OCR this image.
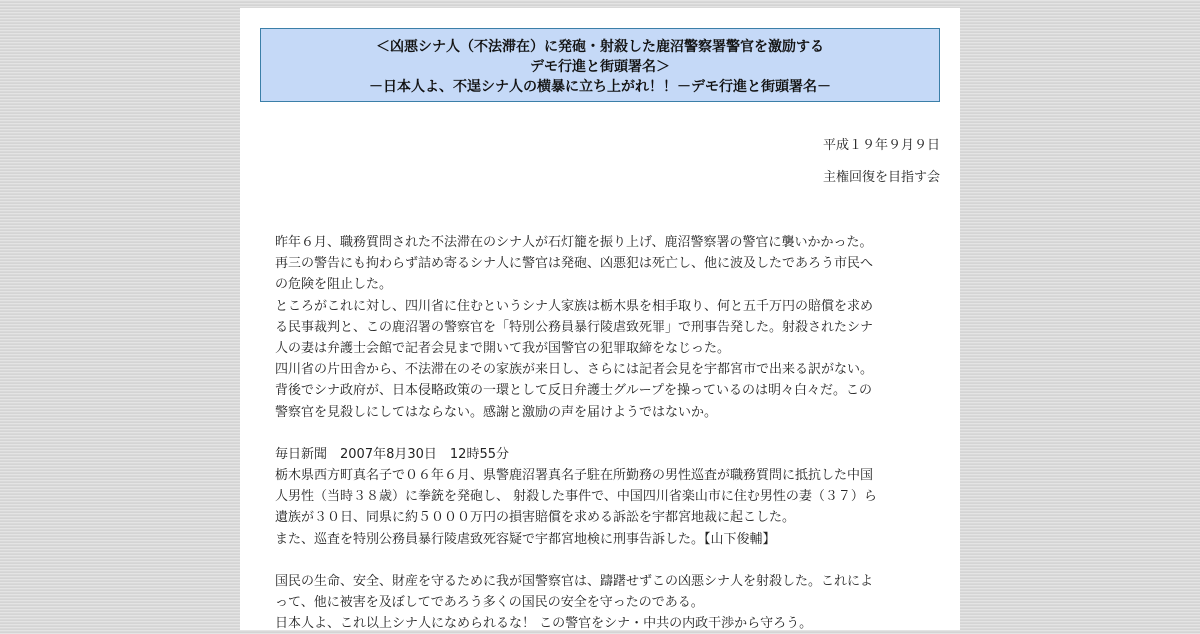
＜凶悪シナ人（不法滞在）に発砲・射殺した鹿沼警察署警官を激励する
デモ行進と街頭署名＞
－日本人よ、不逞シナ人の横暴に立ち上がれ！！－デモ行進と街頭署名－
平成１９年９月９日
主権回復を目指す会

昨年６月、職務質問された不法滞在のシナ人が石灯籠を振り上げ、鹿沼警察署の警官に襲いかかった。

再三の警告にも拘わらず詰め寄るシナ人に警官は発砲、凶悪犯は死亡し、他に波及したであろう市民へ

の危険を阻止した。

ところがこれに対し、四川省に住むというシナ人家族は栃木県を相手取り、何と五千万円の賠償を求め

る民事裁判と、この鹿沼署の警察官を「特別公務員暴行陵虐致死罪」で刑事告発した。射殺されたシナ

人の妻は弁護士会館で記者会見まで開いて我が国警官の犯罪取締をなじった。

四川省の片田舎から、不法滞在のその家族が来日し、さらには記者会見を宇都宮市で出来る訳がない。

背後でシナ政府が、日本侵略政策の一環として反日弁護士グループを操っているのは明々白々だ。この

警察官を見殺しにしてはならない。感謝と激励の声を届けようではないか。

毎日新聞　2007年8月30日　12時55分

栃木県西方町真名子で０６年６月、県警鹿沼署真名子駐在所勤務の男性巡査が職務質問に抵抗した中国

人男性（当時３８歳）に拳銃を発砲し、 射殺した事件で、中国四川省楽山市に住む男性の妻（３７）ら

遺族が３０日、同県に約５０００万円の損害賠償を求める訴訟を宇都宮地裁に起こした。

また、巡査を特別公務員暴行陵虐致死容疑で宇都宮地検に刑事告訴した。【山下俊輔】

国民の生命、安全、財産を守るために我が国警察官は、躊躇せずこの凶悪シナ人を射殺した。これによ

って、他に被害を及ぼしてであろう多くの国民の安全を守ったのである。

日本人よ、これ以上シナ人になめられるな！ この警官をシナ・中共の内政干渉から守ろう。
